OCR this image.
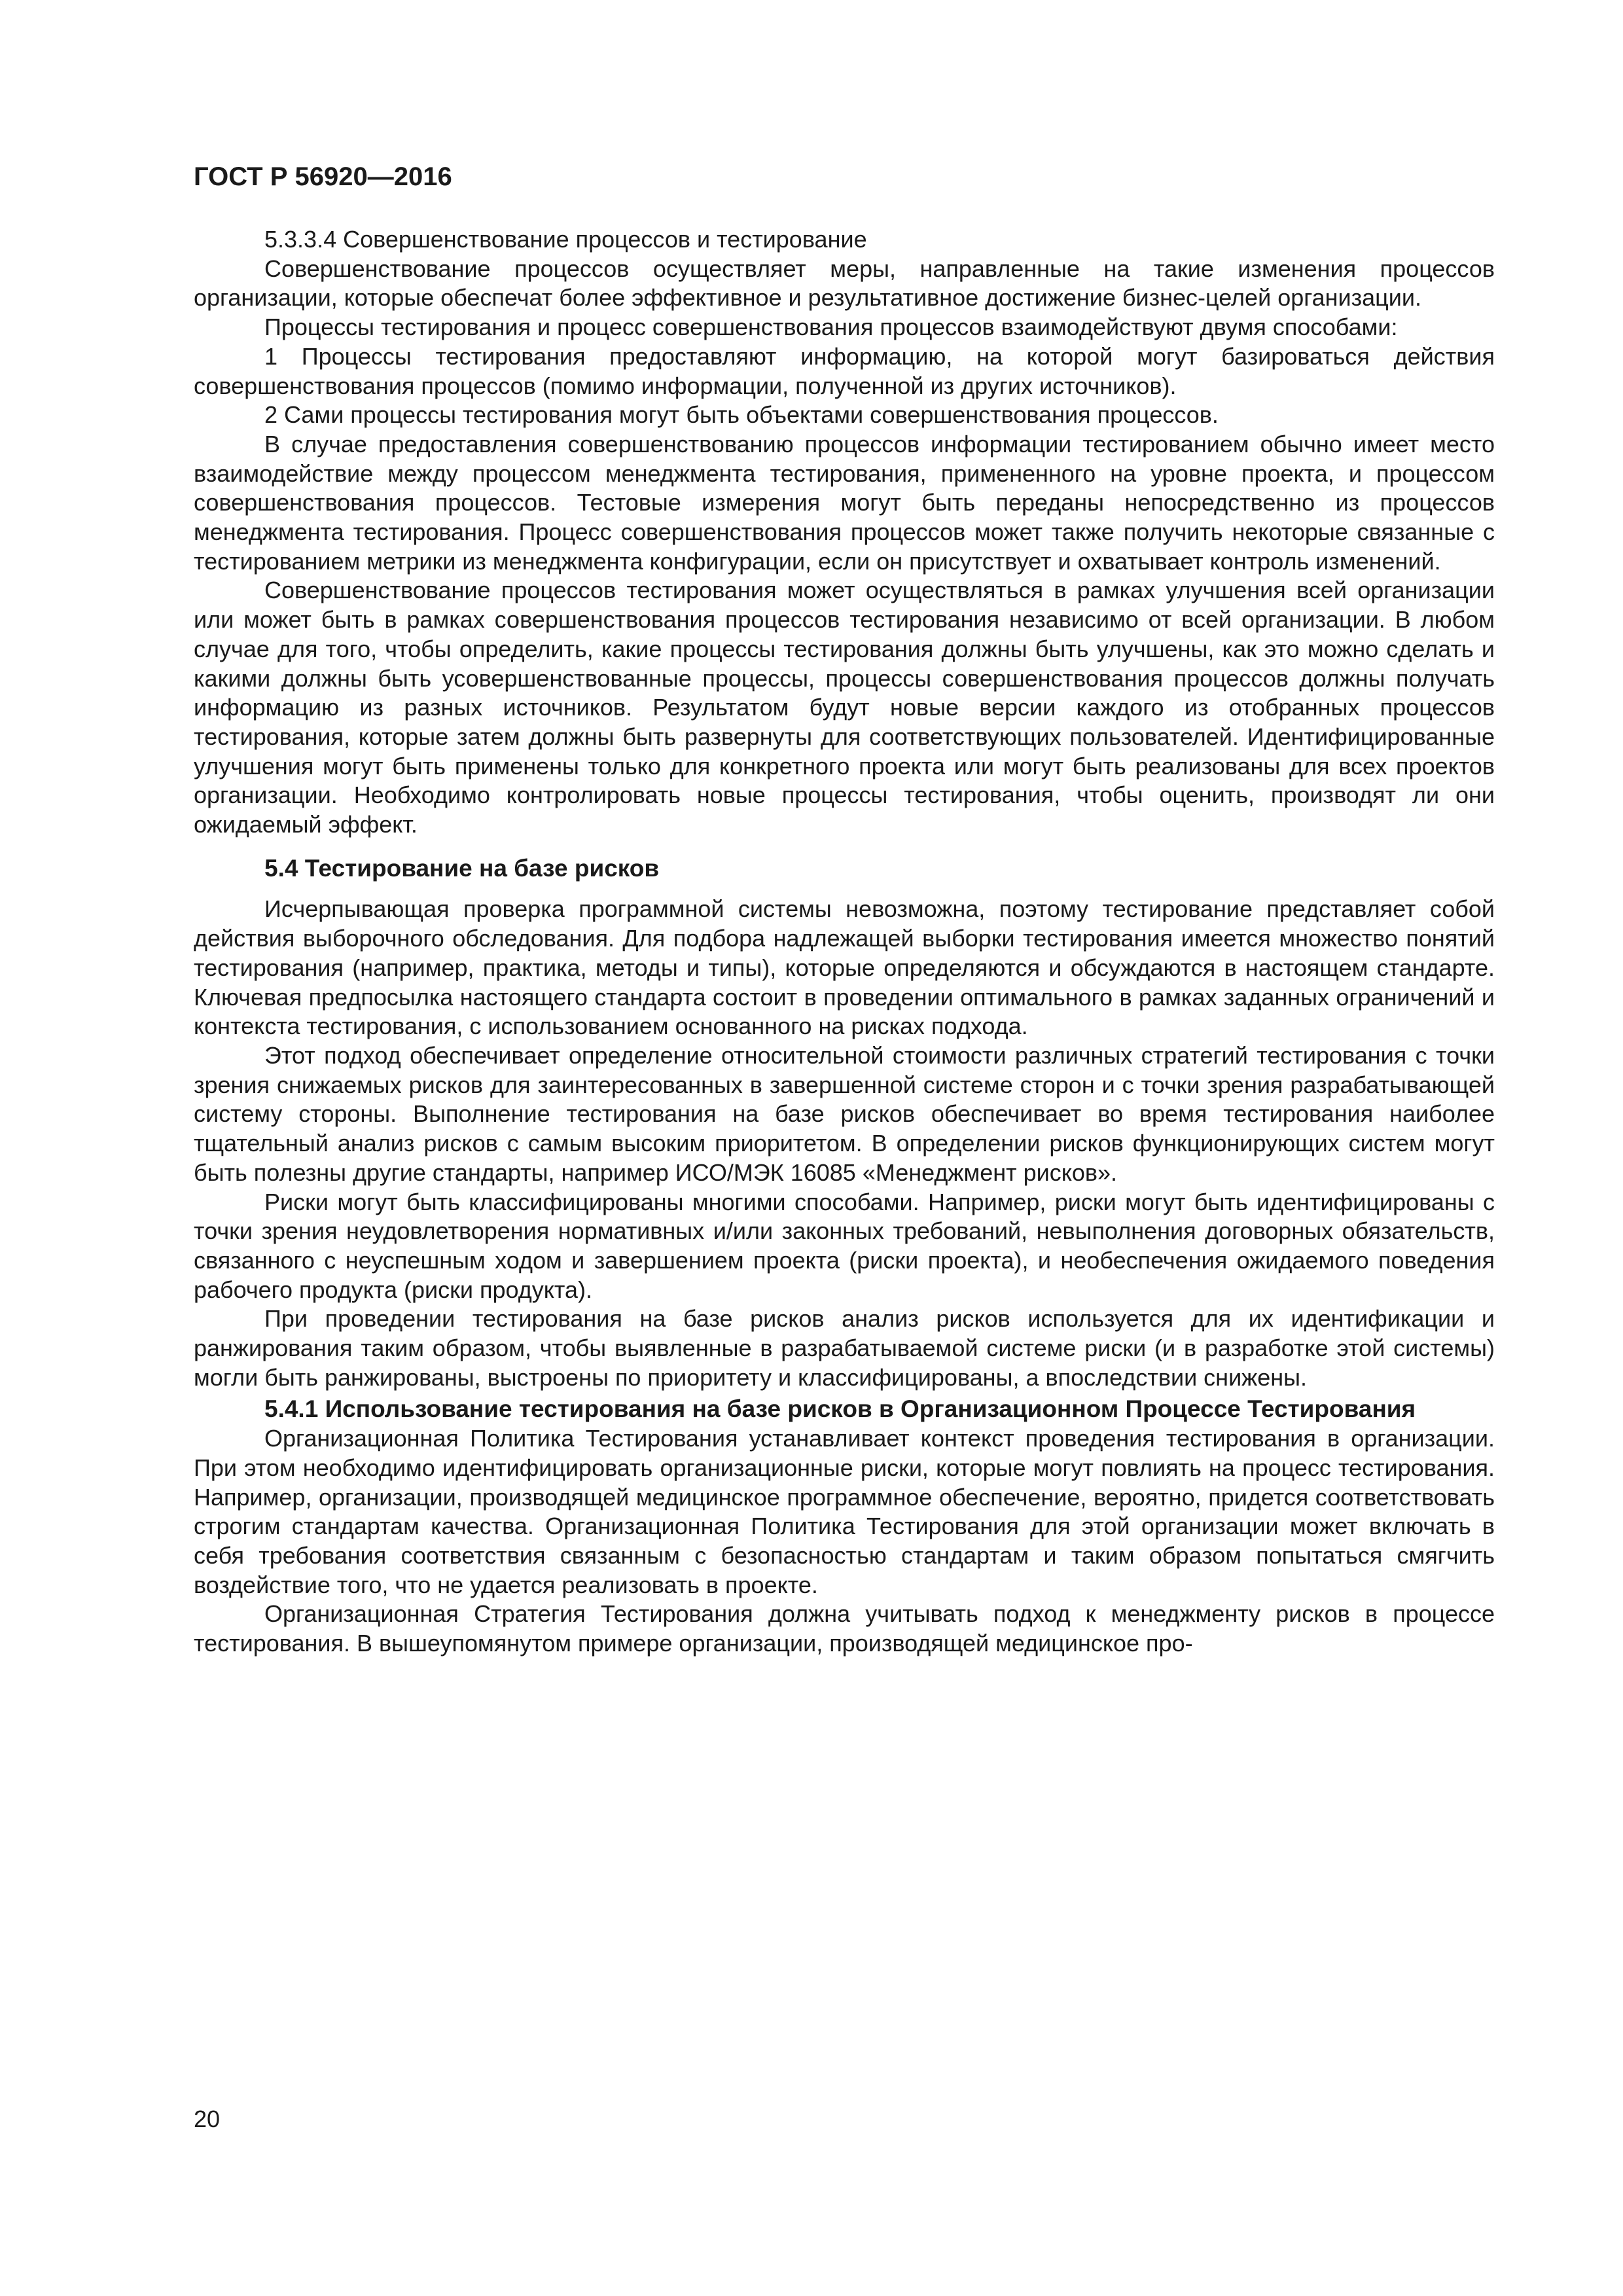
ГОСТ Р 56920—2016

5.3.3.4 Совершенствование процессов и тестирование

Совершенствование процессов осуществляет меры, направленные на такие изменения процессов организации, которые обеспечат более эффективное и результативное достижение бизнес-целей организации.

Процессы тестирования и процесс совершенствования процессов взаимодействуют двумя способами:

1 Процессы тестирования предоставляют информацию, на которой могут базироваться действия совершенствования процессов (помимо информации, полученной из других источников).

2 Сами процессы тестирования могут быть объектами совершенствования процессов.

В случае предоставления совершенствованию процессов информации тестированием обычно имеет место взаимодействие между процессом менеджмента тестирования, примененного на уровне проекта, и процессом совершенствования процессов. Тестовые измерения могут быть переданы непосредственно из процессов менеджмента тестирования. Процесс совершенствования процессов может также получить некоторые связанные с тестированием метрики из менеджмента конфигурации, если он присутствует и охватывает контроль изменений.

Совершенствование процессов тестирования может осуществляться в рамках улучшения всей организации или может быть в рамках совершенствования процессов тестирования независимо от всей организации. В любом случае для того, чтобы определить, какие процессы тестирования должны быть улучшены, как это можно сделать и какими должны быть усовершенствованные процессы, процессы совершенствования процессов должны получать информацию из разных источников. Результатом будут новые версии каждого из отобранных процессов тестирования, которые затем должны быть развернуты для соответствующих пользователей. Идентифицированные улучшения могут быть применены только для конкретного проекта или могут быть реализованы для всех проектов организации. Необходимо контролировать новые процессы тестирования, чтобы оценить, производят ли они ожидаемый эффект.

5.4 Тестирование на базе рисков

Исчерпывающая проверка программной системы невозможна, поэтому тестирование представляет собой действия выборочного обследования. Для подбора надлежащей выборки тестирования имеется множество понятий тестирования (например, практика, методы и типы), которые определяются и обсуждаются в настоящем стандарте. Ключевая предпосылка настоящего стандарта состоит в проведении оптимального в рамках заданных ограничений и контекста тестирования, с использованием основанного на рисках подхода.

Этот подход обеспечивает определение относительной стоимости различных стратегий тестирования с точки зрения снижаемых рисков для заинтересованных в завершенной системе сторон и с точки зрения разрабатывающей систему стороны. Выполнение тестирования на базе рисков обеспечивает во время тестирования наиболее тщательный анализ рисков с самым высоким приоритетом. В определении рисков функционирующих систем могут быть полезны другие стандарты, например ИСО/МЭК 16085 «Менеджмент рисков».

Риски могут быть классифицированы многими способами. Например, риски могут быть идентифицированы с точки зрения неудовлетворения нормативных и/или законных требований, невыполнения договорных обязательств, связанного с неуспешным ходом и завершением проекта (риски проекта), и необеспечения ожидаемого поведения рабочего продукта (риски продукта).

При проведении тестирования на базе рисков анализ рисков используется для их идентификации и ранжирования таким образом, чтобы выявленные в разрабатываемой системе риски (и в разработке этой системы) могли быть ранжированы, выстроены по приоритету и классифицированы, а впоследствии снижены.

5.4.1 Использование тестирования на базе рисков в Организационном Процессе Тестирования

Организационная Политика Тестирования устанавливает контекст проведения тестирования в организации. При этом необходимо идентифицировать организационные риски, которые могут повлиять на процесс тестирования. Например, организации, производящей медицинское программное обеспечение, вероятно, придется соответствовать строгим стандартам качества. Организационная Политика Тестирования для этой организации может включать в себя требования соответствия связанным с безопасностью стандартам и таким образом попытаться смягчить воздействие того, что не удается реализовать в проекте.

Организационная Стратегия Тестирования должна учитывать подход к менеджменту рисков в процессе тестирования. В вышеупомянутом примере организации, производящей медицинское про-

20
